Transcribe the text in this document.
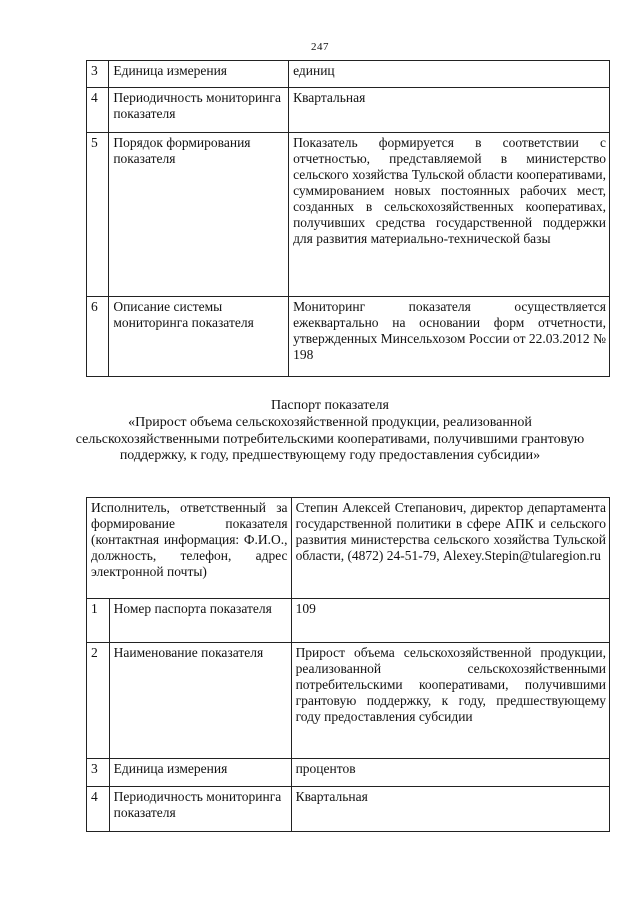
247
3	Единица измерения	единиц
4	Периодичность мониторинга показателя	Квартальная
5	Порядок формирования показателя	Показатель формируется в соответствии с отчетностью, представляемой в министерство сельского хозяйства Тульской области кооперативами, суммированием новых постоянных рабочих мест, созданных в сельскохозяйственных кооперативах, получивших средства государственной поддержки для развития материально-технической базы
6	Описание системы мониторинга показателя	Мониторинг показателя осуществляется ежеквартально на основании форм отчетности, утвержденных Минсельхозом России от 22.03.2012 № 198
Паспорт показателя
«Прирост объема сельскохозяйственной продукции, реализованной сельскохозяйственными потребительскими кооперативами, получившими грантовую поддержку, к году, предшествующему году предоставления субсидии»
Исполнитель, ответственный за формирование показателя (контактная информация: Ф.И.О., должность, телефон, адрес электронной почты)		Степин Алексей Степанович, директор департамента государственной политики в сфере АПК и сельского развития министерства сельского хозяйства Тульской области, (4872) 24-51-79, Alexey.Stepin@tularegion.ru
1	Номер паспорта показателя	109
2	Наименование показателя	Прирост объема сельскохозяйственной продукции, реализованной сельскохозяйственными потребительскими кооперативами, получившими грантовую поддержку, к году, предшествующему году предоставления субсидии
3	Единица измерения	процентов
4	Периодичность мониторинга показателя	Квартальная
